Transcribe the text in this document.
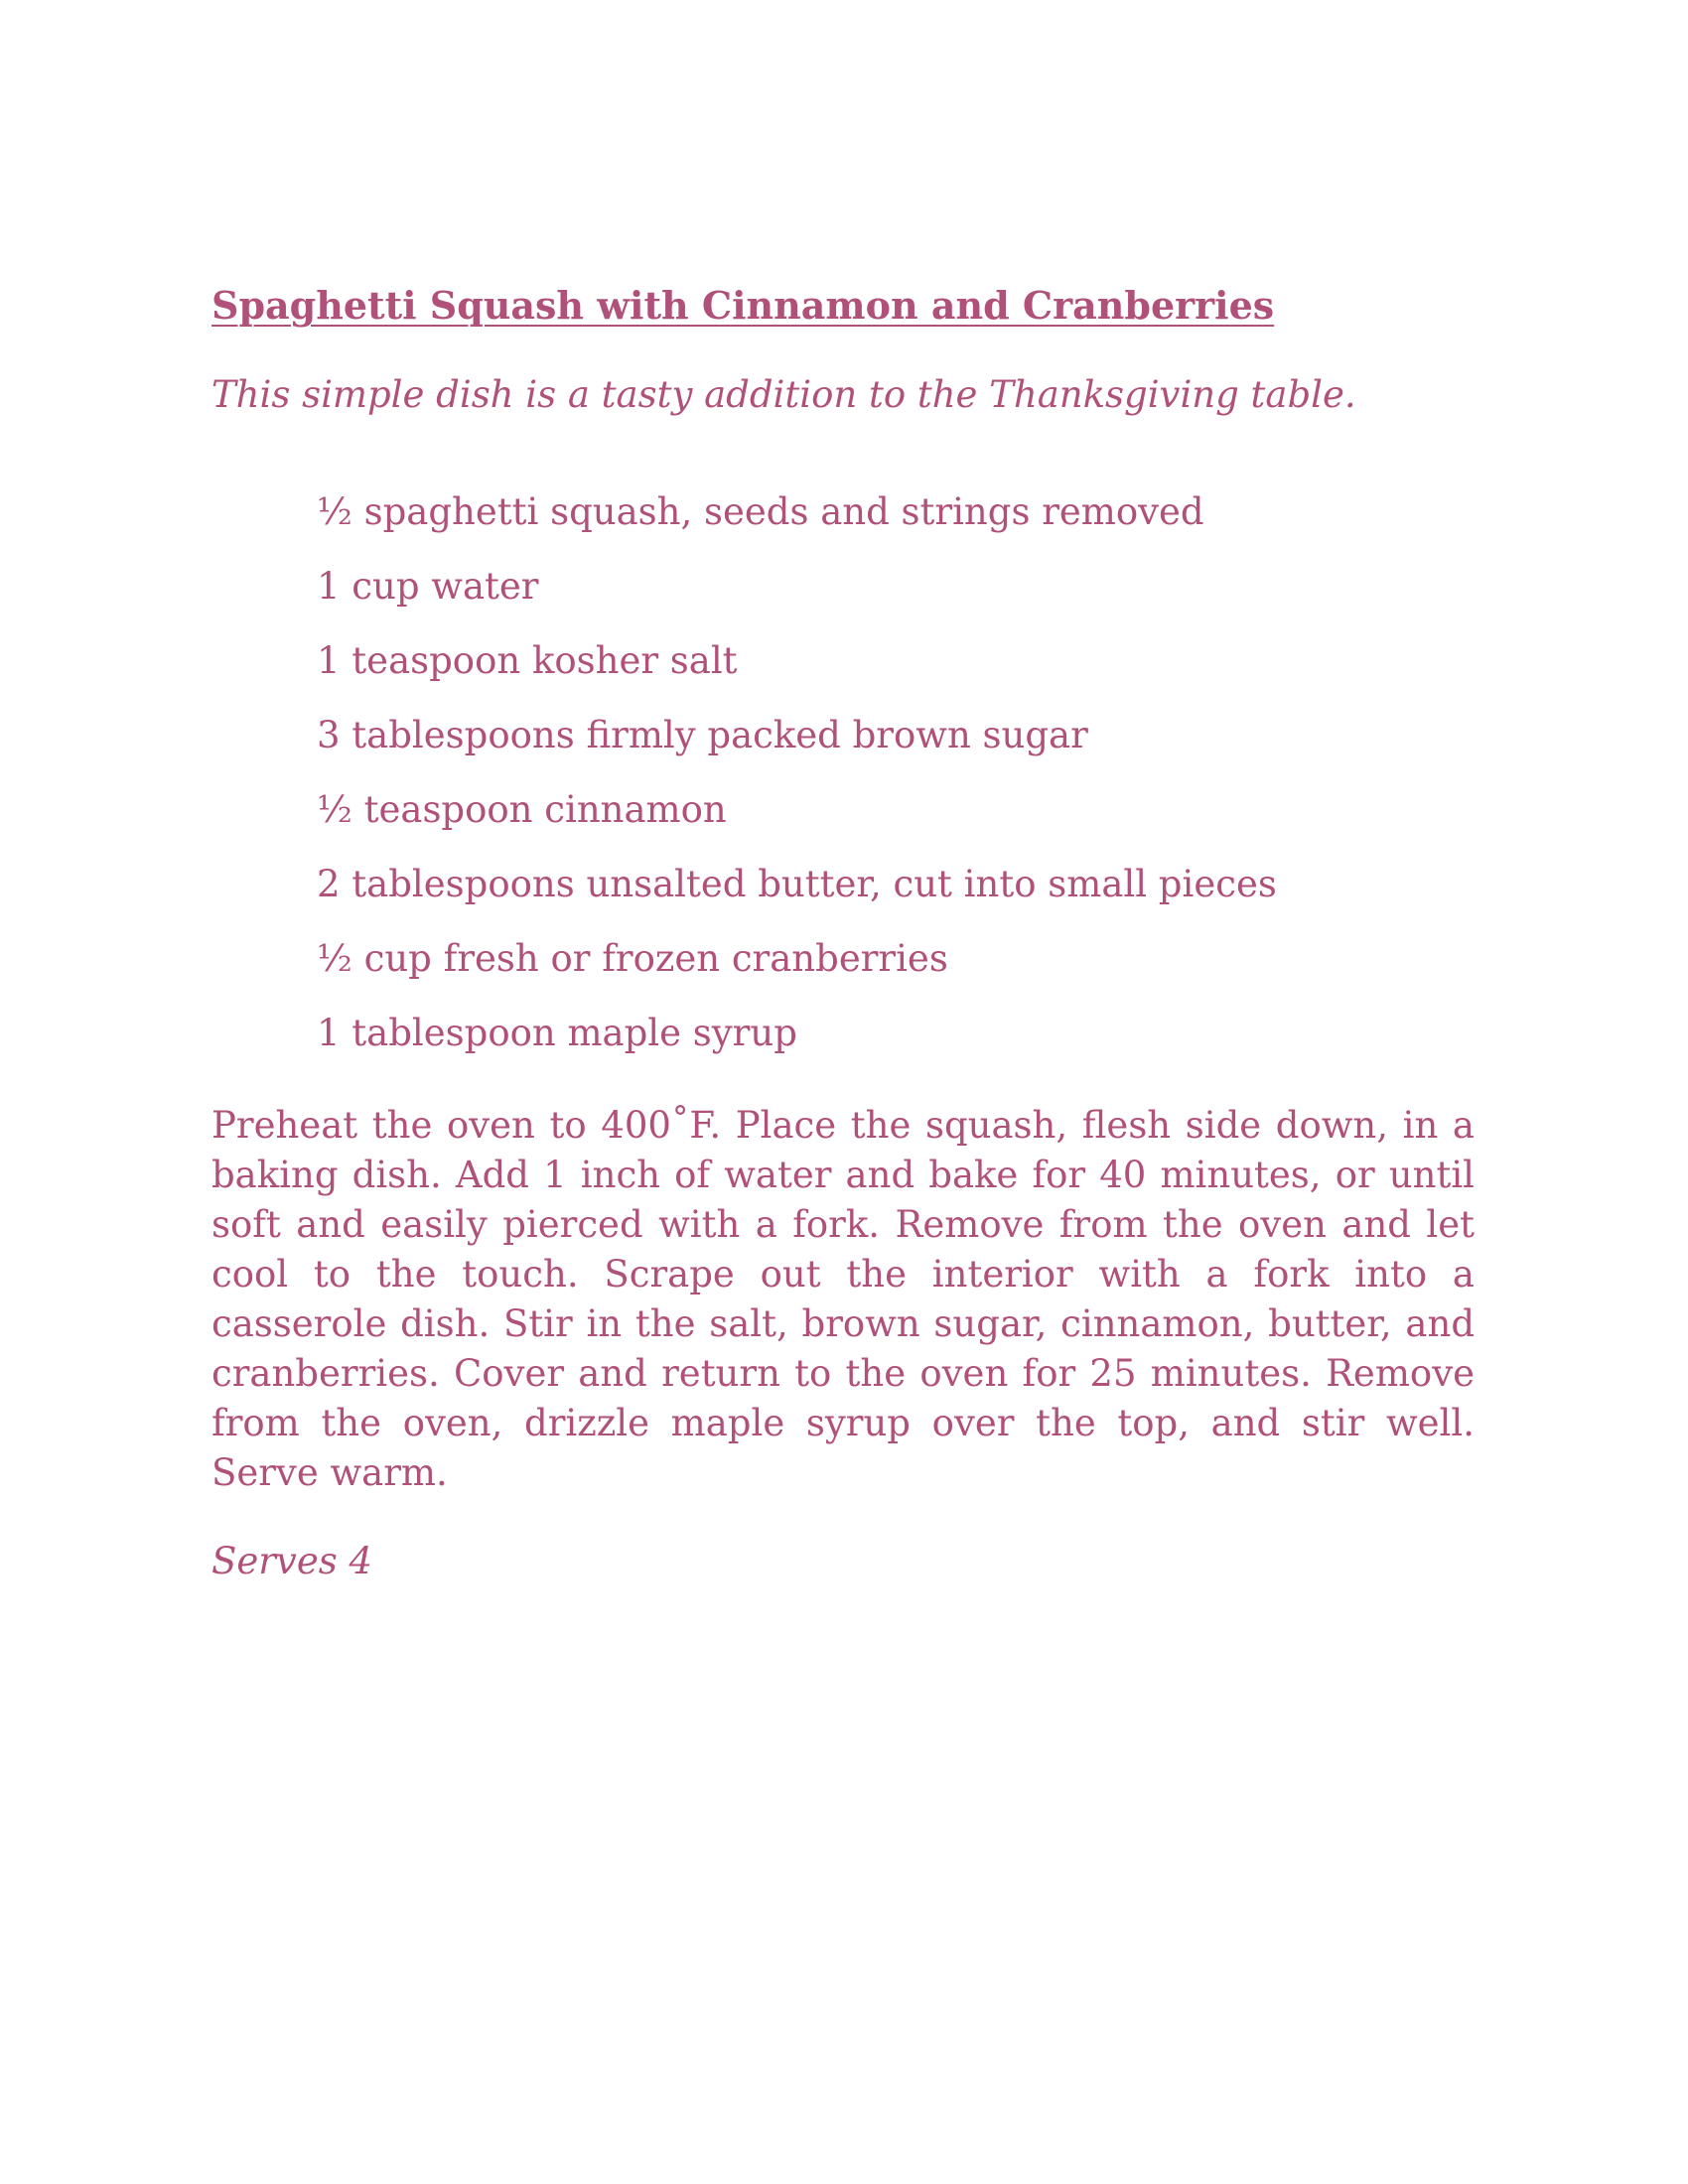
Spaghetti Squash with Cinnamon and Cranberries

This simple dish is a tasty addition to the Thanksgiving table.

½ spaghetti squash, seeds and strings removed
1 cup water
1 teaspoon kosher salt
3 tablespoons firmly packed brown sugar
½ teaspoon cinnamon
2 tablespoons unsalted butter, cut into small pieces
½ cup fresh or frozen cranberries
1 tablespoon maple syrup

Preheat the oven to 400˚F. Place the squash, flesh side down, in a baking dish. Add 1 inch of water and bake for 40 minutes, or until soft and easily pierced with a fork. Remove from the oven and let cool to the touch. Scrape out the interior with a fork into a casserole dish. Stir in the salt, brown sugar, cinnamon, butter, and cranberries. Cover and return to the oven for 25 minutes. Remove from the oven, drizzle maple syrup over the top, and stir well. Serve warm.

Serves 4
